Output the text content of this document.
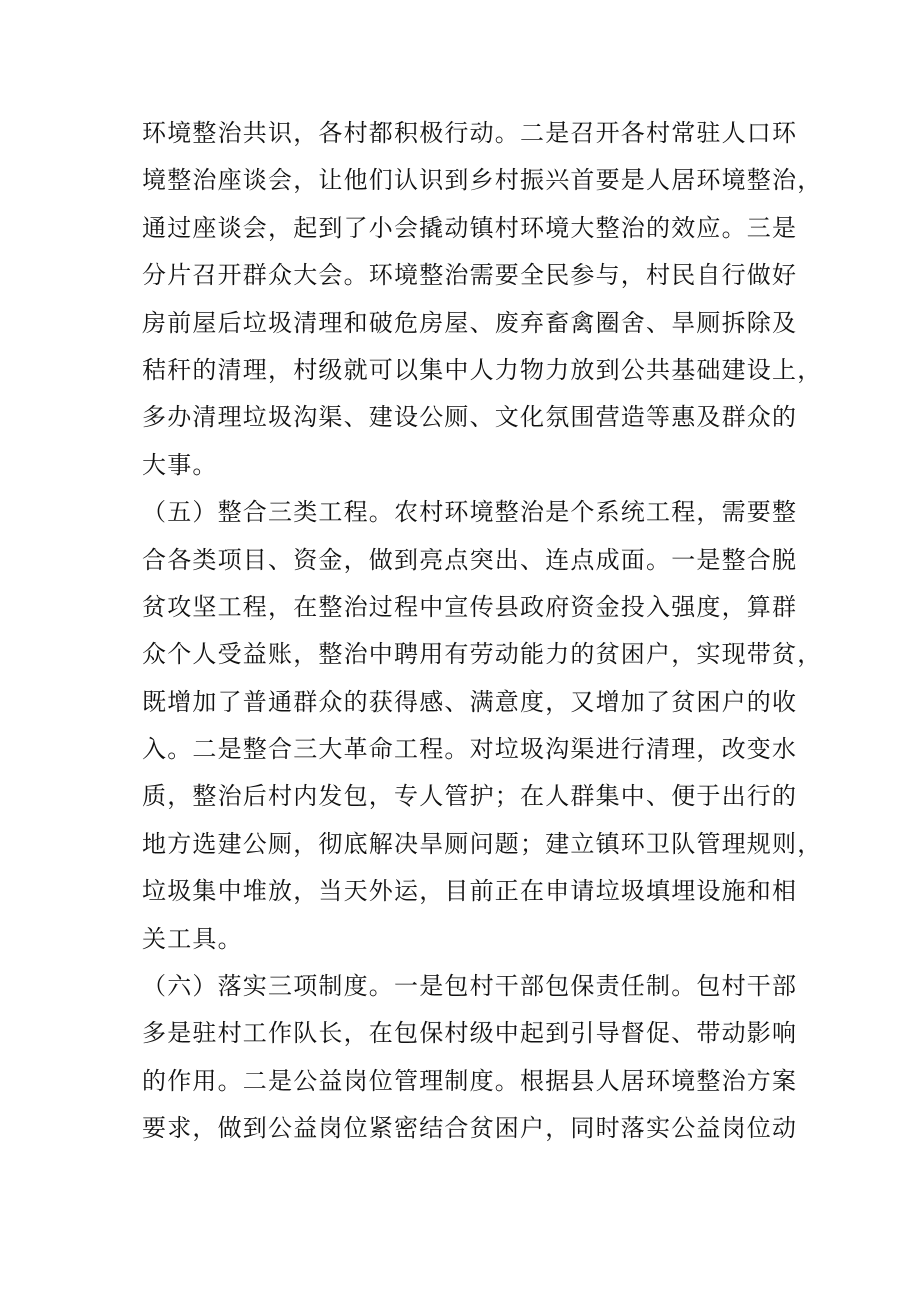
环境整治共识，各村都积极行动。二是召开各村常驻人口环
境整治座谈会，让他们认识到乡村振兴首要是人居环境整治，
通过座谈会，起到了小会撬动镇村环境大整治的效应。三是
分片召开群众大会。环境整治需要全民参与，村民自行做好
房前屋后垃圾清理和破危房屋、废弃畜禽圈舍、旱厕拆除及
秸秆的清理，村级就可以集中人力物力放到公共基础建设上，
多办清理垃圾沟渠、建设公厕、文化氛围营造等惠及群众的
大事。
（五）整合三类工程。农村环境整治是个系统工程，需要整
合各类项目、资金，做到亮点突出、连点成面。一是整合脱
贫攻坚工程，在整治过程中宣传县政府资金投入强度，算群
众个人受益账，整治中聘用有劳动能力的贫困户，实现带贫，
既增加了普通群众的获得感、满意度，又增加了贫困户的收
入。二是整合三大革命工程。对垃圾沟渠进行清理，改变水
质，整治后村内发包，专人管护；在人群集中、便于出行的
地方选建公厕，彻底解决旱厕问题；建立镇环卫队管理规则，
垃圾集中堆放，当天外运，目前正在申请垃圾填埋设施和相
关工具。
（六）落实三项制度。一是包村干部包保责任制。包村干部
多是驻村工作队长，在包保村级中起到引导督促、带动影响
的作用。二是公益岗位管理制度。根据县人居环境整治方案
要求，做到公益岗位紧密结合贫困户，同时落实公益岗位动
